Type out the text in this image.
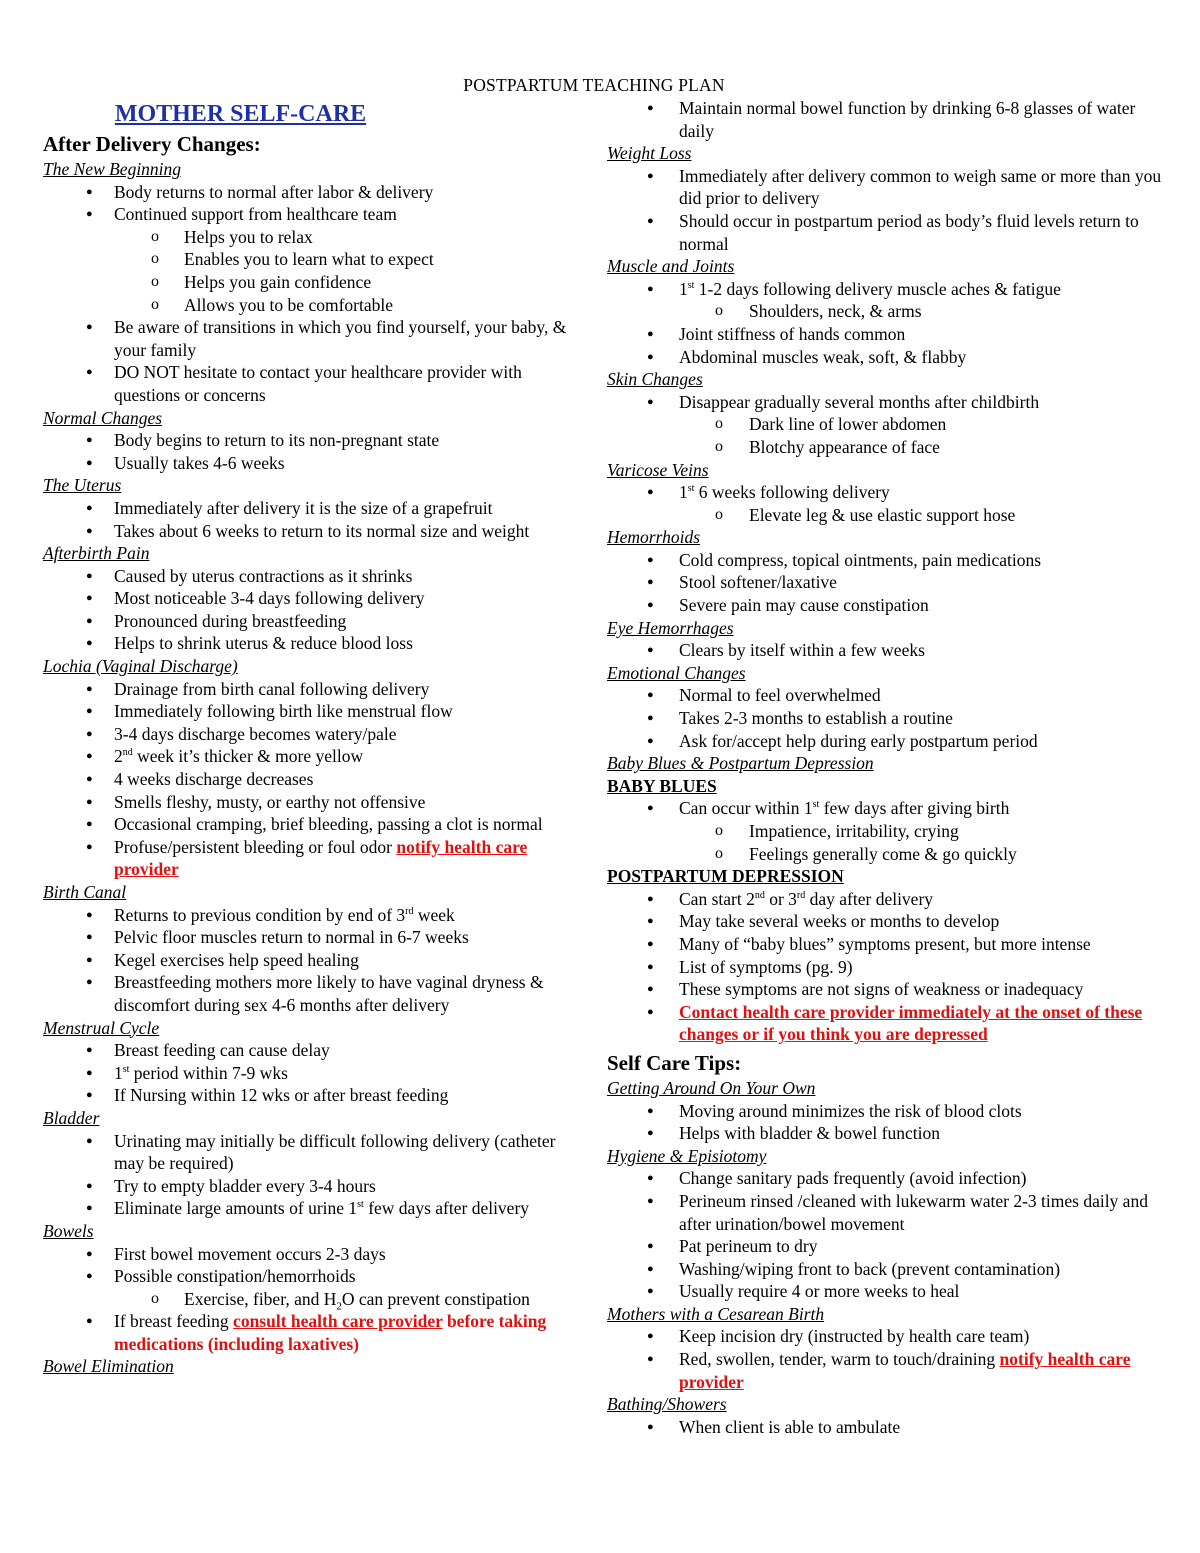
POSTPARTUM TEACHING PLAN
MOTHER SELF-CARE
After Delivery Changes:
The New Beginning
● Body returns to normal after labor & delivery
● Continued support from healthcare team
o Helps you to relax
o Enables you to learn what to expect
o Helps you gain confidence
o Allows you to be comfortable
● Be aware of transitions in which you find yourself, your baby, & your family
● DO NOT hesitate to contact your healthcare provider with questions or concerns
Normal Changes
● Body begins to return to its non-pregnant state
● Usually takes 4-6 weeks
The Uterus
● Immediately after delivery it is the size of a grapefruit
● Takes about 6 weeks to return to its normal size and weight
Afterbirth Pain
● Caused by uterus contractions as it shrinks
● Most noticeable 3-4 days following delivery
● Pronounced during breastfeeding
● Helps to shrink uterus & reduce blood loss
Lochia (Vaginal Discharge)
● Drainage from birth canal following delivery
● Immediately following birth like menstrual flow
● 3-4 days discharge becomes watery/pale
● 2nd week it’s thicker & more yellow
● 4 weeks discharge decreases
● Smells fleshy, musty, or earthy not offensive
● Occasional cramping, brief bleeding, passing a clot is normal
● Profuse/persistent bleeding or foul odor notify health care provider
Birth Canal
● Returns to previous condition by end of 3rd week
● Pelvic floor muscles return to normal in 6-7 weeks
● Kegel exercises help speed healing
● Breastfeeding mothers more likely to have vaginal dryness & discomfort during sex 4-6 months after delivery
Menstrual Cycle
● Breast feeding can cause delay
● 1st period within 7-9 wks
● If Nursing within 12 wks or after breast feeding
Bladder
● Urinating may initially be difficult following delivery (catheter may be required)
● Try to empty bladder every 3-4 hours
● Eliminate large amounts of urine 1st few days after delivery
Bowels
● First bowel movement occurs 2-3 days
● Possible constipation/hemorrhoids
o Exercise, fiber, and $H_2O$ can prevent constipation
● If breast feeding consult health care provider before taking medications (including laxatives)
Bowel Elimination
● Maintain normal bowel function by drinking 6-8 glasses of water daily
Weight Loss
● Immediately after delivery common to weigh same or more than you did prior to delivery
● Should occur in postpartum period as body’s fluid levels return to normal
Muscle and Joints
● 1st 1-2 days following delivery muscle aches & fatigue
o Shoulders, neck, & arms
● Joint stiffness of hands common
● Abdominal muscles weak, soft, & flabby
Skin Changes
● Disappear gradually several months after childbirth
o Dark line of lower abdomen
o Blotchy appearance of face
Varicose Veins
● 1st 6 weeks following delivery
o Elevate leg & use elastic support hose
Hemorrhoids
● Cold compress, topical ointments, pain medications
● Stool softener/laxative
● Severe pain may cause constipation
Eye Hemorrhages
● Clears by itself within a few weeks
Emotional Changes
● Normal to feel overwhelmed
● Takes 2-3 months to establish a routine
● Ask for/accept help during early postpartum period
Baby Blues & Postpartum Depression
BABY BLUES
● Can occur within 1st few days after giving birth
o Impatience, irritability, crying
o Feelings generally come & go quickly
POSTPARTUM DEPRESSION
● Can start 2nd or 3rd day after delivery
● May take several weeks or months to develop
● Many of “baby blues” symptoms present, but more intense
● List of symptoms (pg. 9)
● These symptoms are not signs of weakness or inadequacy
● Contact health care provider immediately at the onset of these changes or if you think you are depressed
Self Care Tips:
Getting Around On Your Own
● Moving around minimizes the risk of blood clots
● Helps with bladder & bowel function
Hygiene & Episiotomy
● Change sanitary pads frequently (avoid infection)
● Perineum rinsed /cleaned with lukewarm water 2-3 times daily and after urination/bowel movement
● Pat perineum to dry
● Washing/wiping front to back (prevent contamination)
● Usually require 4 or more weeks to heal
Mothers with a Cesarean Birth
● Keep incision dry (instructed by health care team)
● Red, swollen, tender, warm to touch/draining notify health care provider
Bathing/Showers
● When client is able to ambulate
